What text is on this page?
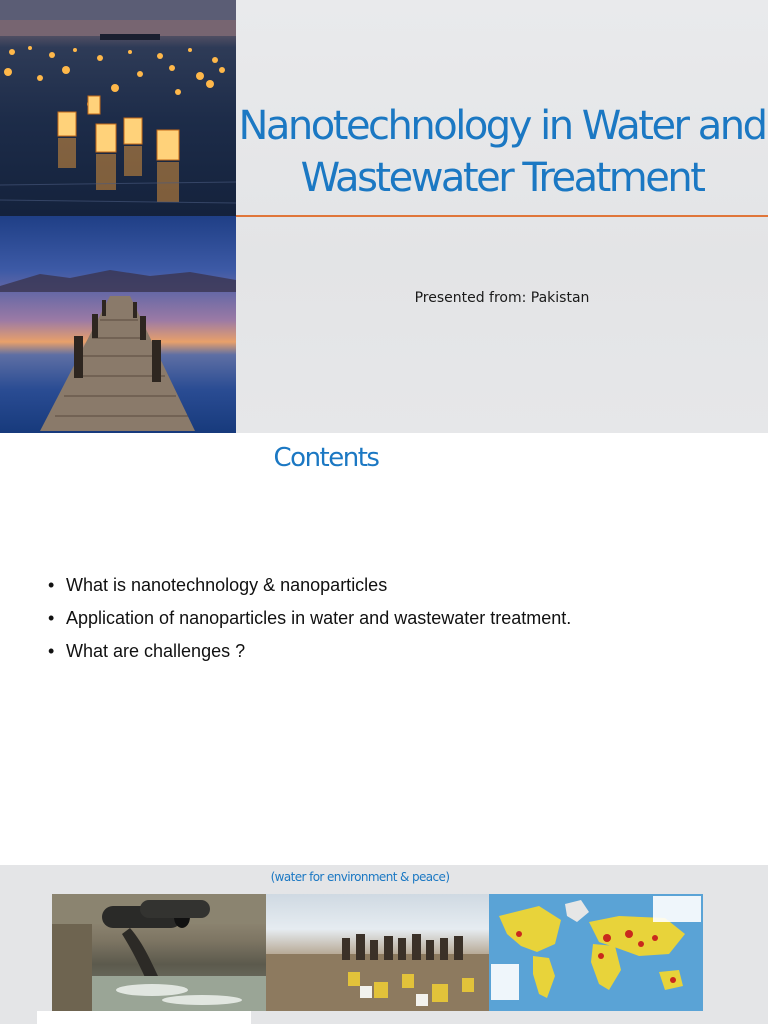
Nanotechnology in Water and
Wastewater Treatment
Presented from: Pakistan
Contents
• What is nanotechnology & nanoparticles
• Application of nanoparticles in water and wastewater treatment.
• What are challenges ?
(water for environment & peace)
